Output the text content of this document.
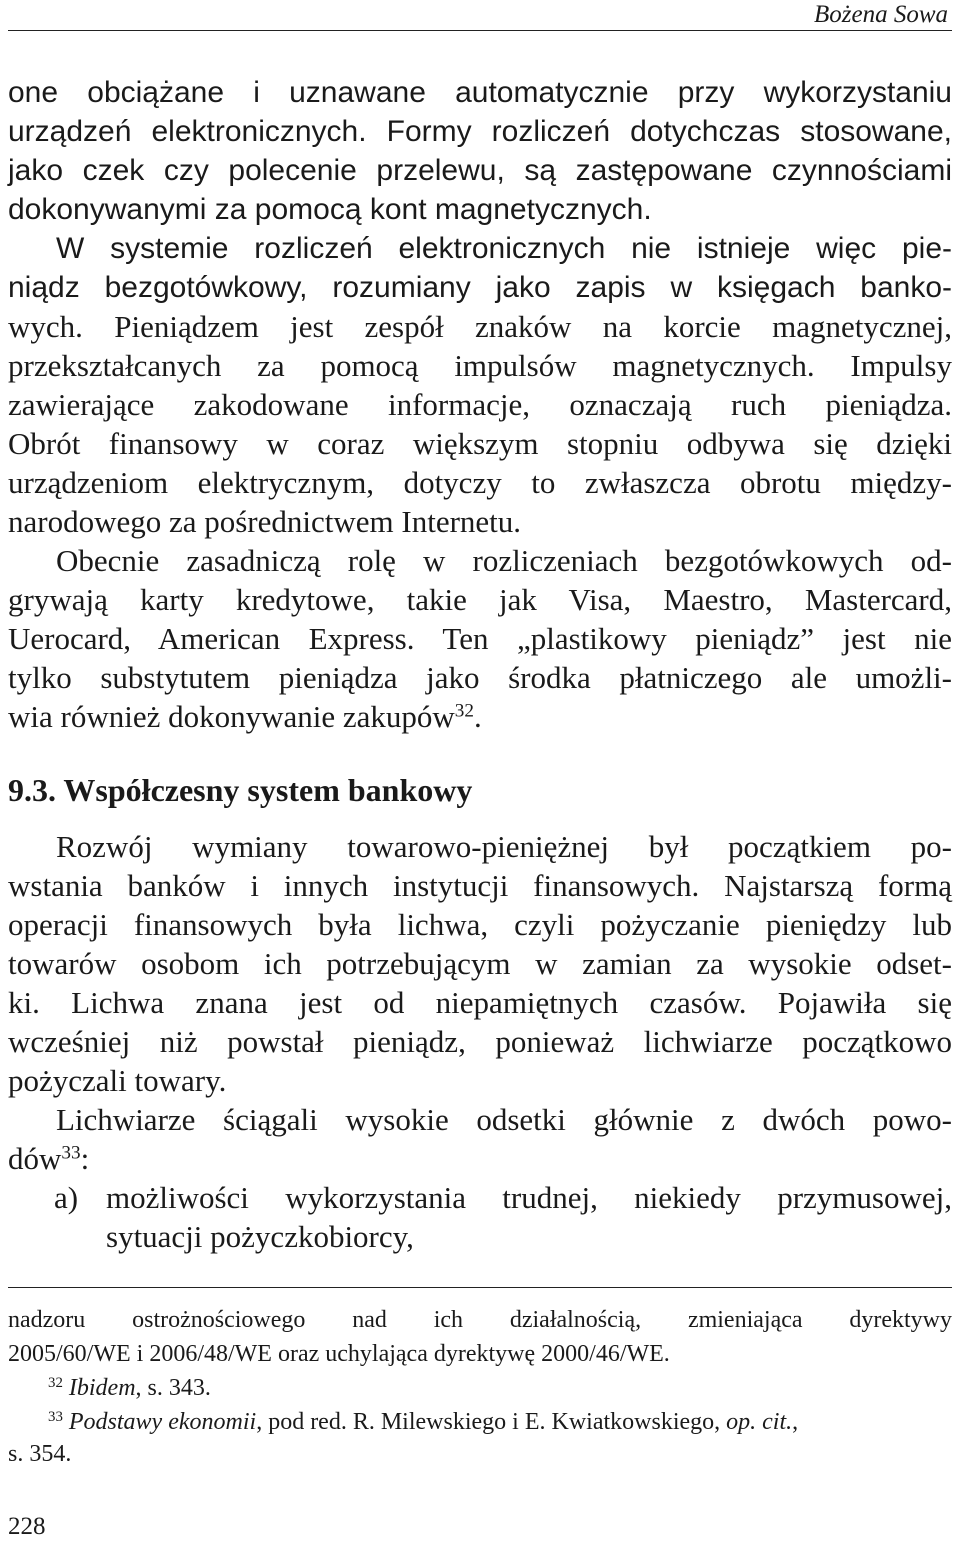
Bożena Sowa
one obciążane i uznawane automatycznie przy wykorzystaniu
urządzeń elektronicznych. Formy rozliczeń dotychczas stosowane,
jako czek czy polecenie przelewu, są zastępowane czynnościami
dokonywanymi za pomocą kont magnetycznych.
W systemie rozliczeń elektronicznych nie istnieje więc pie-
niądz bezgotówkowy, rozumiany jako zapis w księgach banko-
wych. Pieniądzem jest zespół znaków na korcie magnetycznej,
przekształcanych za pomocą impulsów magnetycznych. Impulsy
zawierające zakodowane informacje, oznaczają ruch pieniądza.
Obrót finansowy w coraz większym stopniu odbywa się dzięki
urządzeniom elektrycznym, dotyczy to zwłaszcza obrotu między-
narodowego za pośrednictwem Internetu.
Obecnie zasadniczą rolę w rozliczeniach bezgotówkowych od-
grywają karty kredytowe, takie jak Visa, Maestro, Mastercard,
Uerocard, American Express. Ten „plastikowy pieniądz” jest nie
tylko substytutem pieniądza jako środka płatniczego ale umożli-
wia również dokonywanie zakupów$^{32}$.
9.3. Współczesny system bankowy
Rozwój wymiany towarowo-pieniężnej był początkiem po-
wstania banków i innych instytucji finansowych. Najstarszą formą
operacji finansowych była lichwa, czyli pożyczanie pieniędzy lub
towarów osobom ich potrzebującym w zamian za wysokie odset-
ki. Lichwa znana jest od niepamiętnych czasów. Pojawiła się
wcześniej niż powstał pieniądz, ponieważ lichwiarze początkowo
pożyczali towary.
Lichwiarze ściągali wysokie odsetki głównie z dwóch powo-
dów$^{33}$:
a) możliwości wykorzystania trudnej, niekiedy przymusowej,
sytuacji pożyczkobiorcy,
nadzoru ostrożnościowego nad ich działalnością, zmieniająca dyrektywy
2005/60/WE i 2006/48/WE oraz uchylająca dyrektywę 2000/46/WE.
$^{32}$ Ibidem, s. 343.
$^{33}$ Podstawy ekonomii, pod red. R. Milewskiego i E. Kwiatkowskiego, op. cit.,
s. 354.
228
